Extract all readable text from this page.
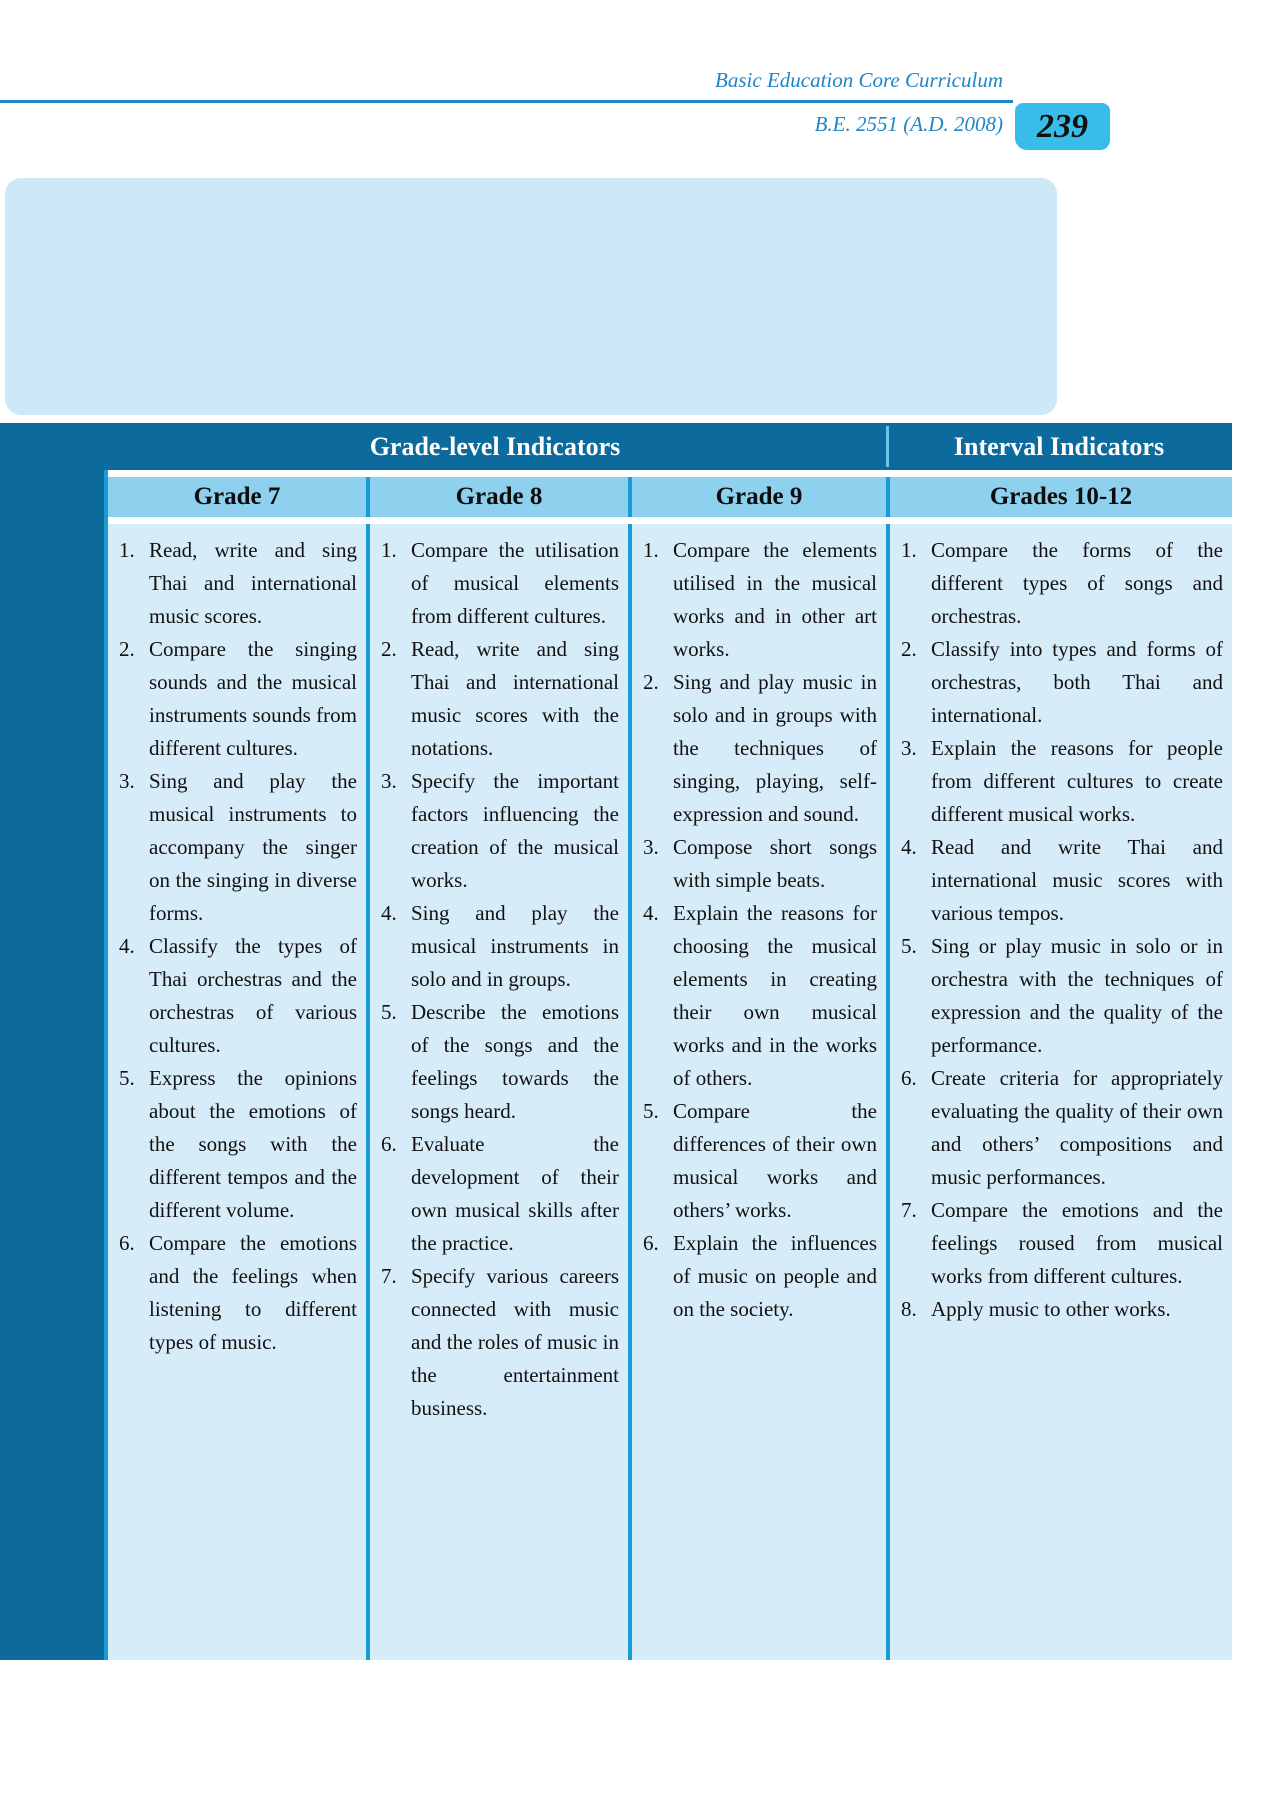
Basic Education Core Curriculum
B.E. 2551 (A.D. 2008) 239
Grade-level Indicators	Interval Indicators
Grade 7	Grade 8	Grade 9	Grades 10-12
1. Read, write and sing Thai and international music scores.
2. Compare the singing sounds and the musical instruments sounds from different cultures.
3. Sing and play the musical instruments to accompany the singer on the singing in diverse forms.
4. Classify the types of Thai orchestras and the orchestras of various cultures.
5. Express the opinions about the emotions of the songs with the different tempos and the different volume.
6. Compare the emotions and the feelings when listening to different types of music.
1. Compare the utilisation of musical elements from different cultures.
2. Read, write and sing Thai and international music scores with the notations.
3. Specify the important factors influencing the creation of the musical works.
4. Sing and play the musical instruments in solo and in groups.
5. Describe the emotions of the songs and the feelings towards the songs heard.
6. Evaluate the development of their own musical skills after the practice.
7. Specify various careers connected with music and the roles of music in the entertainment business.
1. Compare the elements utilised in the musical works and in other art works.
2. Sing and play music in solo and in groups with the techniques of singing, playing, self-expression and sound.
3. Compose short songs with simple beats.
4. Explain the reasons for choosing the musical elements in creating their own musical works and in the works of others.
5. Compare the differences of their own musical works and others’ works.
6. Explain the influences of music on people and on the society.
1. Compare the forms of the different types of songs and orchestras.
2. Classify into types and forms of orchestras, both Thai and international.
3. Explain the reasons for people from different cultures to create different musical works.
4. Read and write Thai and international music scores with various tempos.
5. Sing or play music in solo or in orchestra with the techniques of expression and the quality of the performance.
6. Create criteria for appropriately evaluating the quality of their own and others’ compositions and music performances.
7. Compare the emotions and the feelings roused from musical works from different cultures.
8. Apply music to other works.
